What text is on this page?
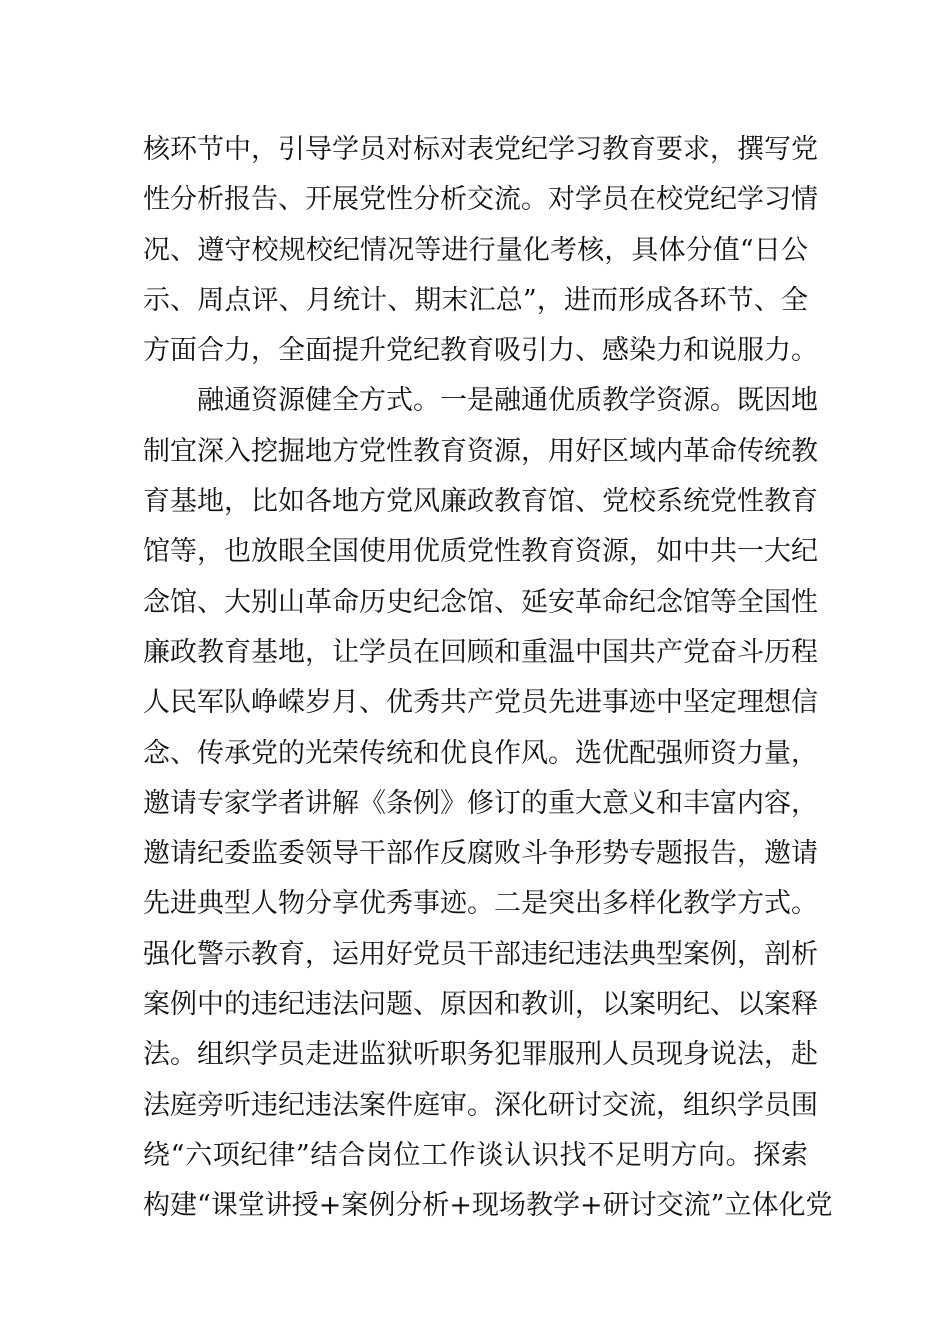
核环节中，引导学员对标对表党纪学习教育要求，撰写党
性分析报告、开展党性分析交流。对学员在校党纪学习情
况、遵守校规校纪情况等进行量化考核，具体分值“日公
示、周点评、月统计、期末汇总”，进而形成各环节、全
方面合力，全面提升党纪教育吸引力、感染力和说服力。
　　融通资源健全方式。一是融通优质教学资源。既因地
制宜深入挖掘地方党性教育资源，用好区域内革命传统教
育基地，比如各地方党风廉政教育馆、党校系统党性教育
馆等，也放眼全国使用优质党性教育资源，如中共一大纪
念馆、大别山革命历史纪念馆、延安革命纪念馆等全国性
廉政教育基地，让学员在回顾和重温中国共产党奋斗历程
人民军队峥嵘岁月、优秀共产党员先进事迹中坚定理想信
念、传承党的光荣传统和优良作风。选优配强师资力量，
邀请专家学者讲解《条例》修订的重大意义和丰富内容，
邀请纪委监委领导干部作反腐败斗争形势专题报告，邀请
先进典型人物分享优秀事迹。二是突出多样化教学方式。
强化警示教育，运用好党员干部违纪违法典型案例，剖析
案例中的违纪违法问题、原因和教训，以案明纪、以案释
法。组织学员走进监狱听职务犯罪服刑人员现身说法，赴
法庭旁听违纪违法案件庭审。深化研讨交流，组织学员围
绕“六项纪律”结合岗位工作谈认识找不足明方向。探索
构建“课堂讲授+案例分析+现场教学+研讨交流”立体化党
